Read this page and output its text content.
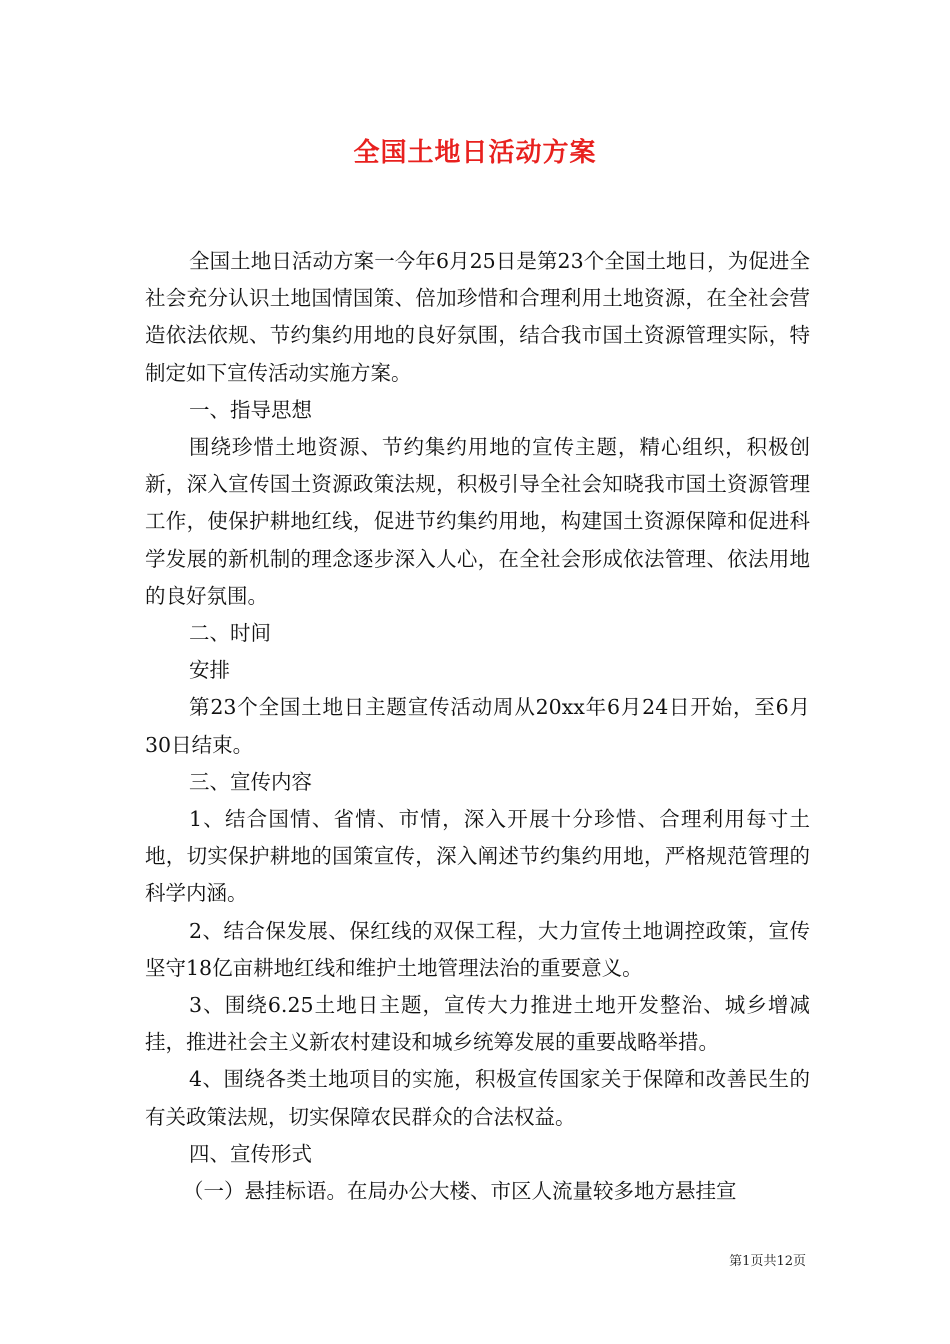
全国土地日活动方案

全国土地日活动方案一今年6月25日是第23个全国土地日，为促进全社会充分认识土地国情国策、倍加珍惜和合理利用土地资源，在全社会营造依法依规、节约集约用地的良好氛围，结合我市国土资源管理实际，特制定如下宣传活动实施方案。

一、指导思想

围绕珍惜土地资源、节约集约用地的宣传主题，精心组织，积极创新，深入宣传国土资源政策法规，积极引导全社会知晓我市国土资源管理工作，使保护耕地红线，促进节约集约用地，构建国土资源保障和促进科学发展的新机制的理念逐步深入人心，在全社会形成依法管理、依法用地的良好氛围。

二、时间

安排

第23个全国土地日主题宣传活动周从20xx年6月24日开始，至6月30日结束。

三、宣传内容

1、结合国情、省情、市情，深入开展十分珍惜、合理利用每寸土地，切实保护耕地的国策宣传，深入阐述节约集约用地，严格规范管理的科学内涵。

2、结合保发展、保红线的双保工程，大力宣传土地调控政策，宣传坚守18亿亩耕地红线和维护土地管理法治的重要意义。

3、围绕6.25土地日主题，宣传大力推进土地开发整治、城乡增减挂，推进社会主义新农村建设和城乡统筹发展的重要战略举措。

4、围绕各类土地项目的实施，积极宣传国家关于保障和改善民生的有关政策法规，切实保障农民群众的合法权益。

四、宣传形式

（一）悬挂标语。在局办公大楼、市区人流量较多地方悬挂宣

第1页共12页
